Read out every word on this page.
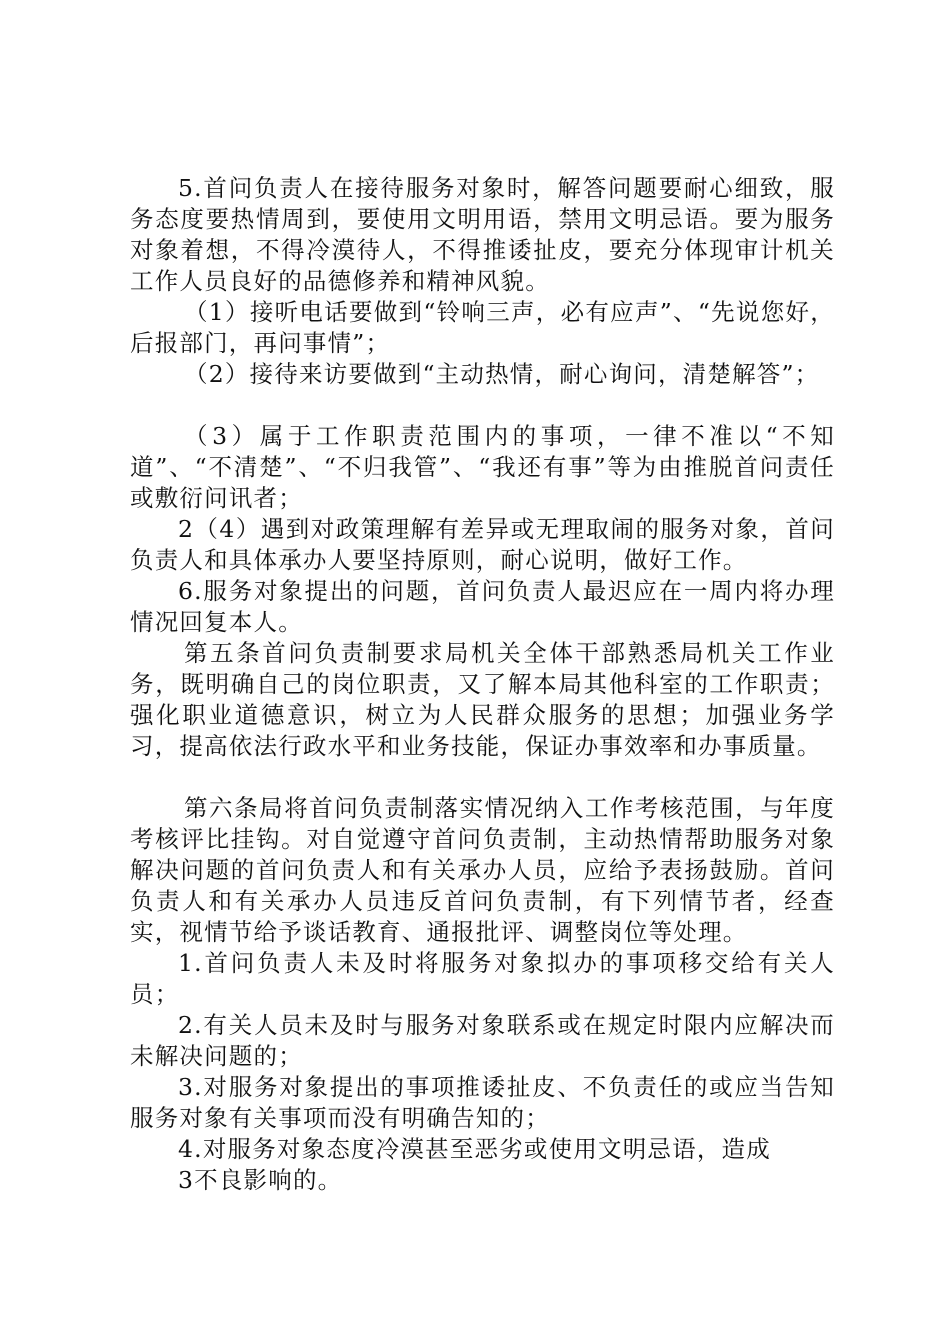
5.首问负责人在接待服务对象时，解答问题要耐心细致，服务态度要热情周到，要使用文明用语，禁用文明忌语。要为服务对象着想，不得冷漠待人，不得推诿扯皮，要充分体现审计机关工作人员良好的品德修养和精神风貌。

（1）接听电话要做到“铃响三声，必有应声”、“先说您好，后报部门，再问事情”；

（2）接待来访要做到“主动热情，耐心询问，清楚解答”；

（3）属于工作职责范围内的事项，一律不准以“不知道”、“不清楚”、“不归我管”、“我还有事”等为由推脱首问责任或敷衍问讯者；

2（4）遇到对政策理解有差异或无理取闹的服务对象，首问负责人和具体承办人要坚持原则，耐心说明，做好工作。

6.服务对象提出的问题，首问负责人最迟应在一周内将办理情况回复本人。

第五条首问负责制要求局机关全体干部熟悉局机关工作业务，既明确自己的岗位职责，又了解本局其他科室的工作职责；强化职业道德意识，树立为人民群众服务的思想；加强业务学习，提高依法行政水平和业务技能，保证办事效率和办事质量。

第六条局将首问负责制落实情况纳入工作考核范围，与年度考核评比挂钩。对自觉遵守首问负责制，主动热情帮助服务对象解决问题的首问负责人和有关承办人员，应给予表扬鼓励。首问负责人和有关承办人员违反首问负责制，有下列情节者，经查实，视情节给予谈话教育、通报批评、调整岗位等处理。

1.首问负责人未及时将服务对象拟办的事项移交给有关人员；

2.有关人员未及时与服务对象联系或在规定时限内应解决而未解决问题的；

3.对服务对象提出的事项推诿扯皮、不负责任的或应当告知服务对象有关事项而没有明确告知的；

4.对服务对象态度冷漠甚至恶劣或使用文明忌语，造成

3不良影响的。
